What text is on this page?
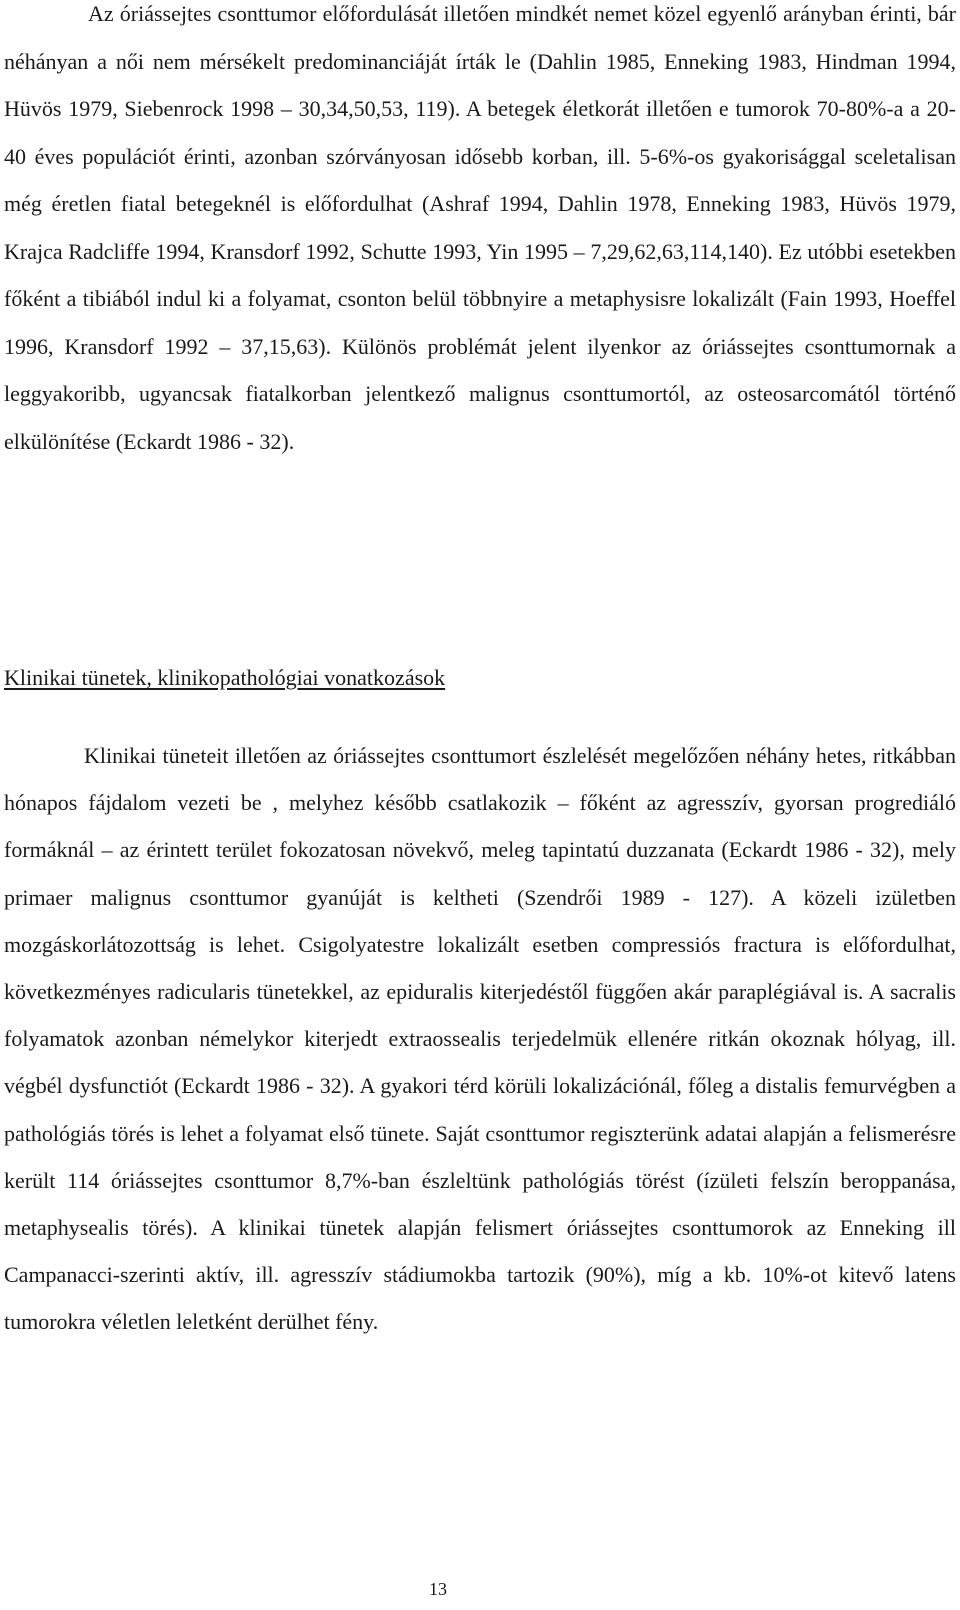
Az óriássejtes csonttumor előfordulását illetően mindkét nemet közel egyenlő arányban érinti, bár néhányan a női nem mérsékelt predominanciáját írták le (Dahlin 1985, Enneking 1983, Hindman 1994, Hüvös 1979, Siebenrock 1998 – 30,34,50,53, 119). A betegek életkorát illetően e tumorok 70-80%-a a 20-40 éves populációt érinti, azonban szórványosan idősebb korban, ill. 5-6%-os gyakorisággal sceletalisan még éretlen fiatal betegeknél is előfordulhat (Ashraf 1994, Dahlin 1978, Enneking 1983, Hüvös 1979, Krajca Radcliffe 1994, Kransdorf 1992, Schutte 1993, Yin 1995 – 7,29,62,63,114,140). Ez utóbbi esetekben főként a tibiából indul ki a folyamat, csonton belül többnyire a metaphysisre lokalizált (Fain 1993, Hoeffel 1996, Kransdorf 1992 – 37,15,63). Különös problémát jelent ilyenkor az óriássejtes csonttumornak a leggyakoribb, ugyancsak fiatalkorban jelentkező malignus csonttumortól, az osteosarcomától történő elkülönítése (Eckardt 1986 - 32).

Klinikai tünetek, klinikopathológiai vonatkozások

Klinikai tüneteit illetően az óriássejtes csonttumort észlelését megelőzően néhány hetes, ritkábban hónapos fájdalom vezeti be , melyhez később csatlakozik – főként az agresszív, gyorsan progrediáló formáknál – az érintett terület fokozatosan növekvő, meleg tapintatú duzzanata (Eckardt 1986 - 32), mely primaer malignus csonttumor gyanúját is keltheti (Szendrői 1989 - 127). A közeli izületben mozgáskorlátozottság is lehet. Csigolyatestre lokalizált esetben compressiós fractura is előfordulhat, következményes radicularis tünetekkel, az epiduralis kiterjedéstől függően akár paraplégiával is. A sacralis folyamatok azonban némelykor kiterjedt extraossealis terjedelmük ellenére ritkán okoznak hólyag, ill. végbél dysfunctiót (Eckardt 1986 - 32). A gyakori térd körüli lokalizációnál, főleg a distalis femurvégben a pathológiás törés is lehet a folyamat első tünete. Saját csonttumor regiszterünk adatai alapján a felismerésre került 114 óriássejtes csonttumor 8,7%-ban észleltünk pathológiás törést (ízületi felszín beroppanása, metaphysealis törés). A klinikai tünetek alapján felismert óriássejtes csonttumorok az Enneking ill Campanacci-szerinti aktív, ill. agresszív stádiumokba tartozik (90%), míg a kb. 10%-ot kitevő latens tumorokra véletlen leletként derülhet fény.

13
